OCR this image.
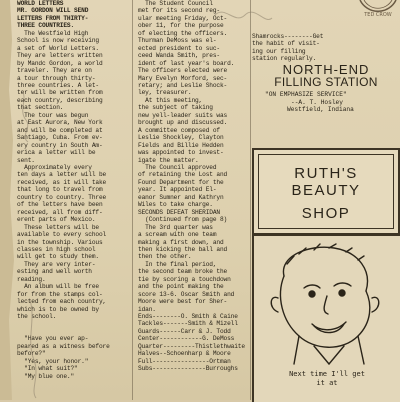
WORLD LETTERS
MR. GORDON WILL SEND
LETTERS FROM THIRTY-
THREE COUNTRIES.
The Westfield High
School is now receiving
a set of World Letters.
They are letters written
by Mandc Gordon, a world
traveler. They are on
a tour through thirty-
three countries. A let-
ter will be written from
each country, describing
that section.
The tour was begun
at East Aurora, New York
and will be completed at
Santiago, Cuba. From ev-
ery country in South Am-
erica a letter will be
sent.
Approximately every
ten days a letter will be
received, as it will take
that long to travel from
country to country. Three
of the letters have been
received, all from diff-
erent parts of Mexico.
These letters will be
available to every school
in the township. Various
classes in high school
will get to study them.
They are very inter-
esting and well worth
reading.
An album will be free
for from the stamps col-
lected from each country,
which is to be owned by
the school.

"Have you ever ap-
peared as a witness before
before?"
"Yes, your honor."
"In what suit?"
"My blue one."

The Student Council
met for its second reg-
ular meeting Friday, Oct-
ober 11, for the purpose
of electing the officers.
Thurman DeMoss was el-
ected president to suc-
ceed Wanda Smith, pres-
ident of last year's board.
The officers elected were
Mary Evelyn Morford, sec-
retary; and Leslie Shock-
ley, treasurer.
At this meeting,
the subject of taking
new yell-leader suits was
brought up and discussed.
A committee composed of
Leslie Shockley, Clayton
Fields and Billie Hedden
was appointed to invest-
igate the matter.
The Council approved
of retaining the Lost and
Found Department for the
year. It appointed El-
eanor Sumner and Kathryn
Wiles to take charge.
SECONDS DEFEAT SHERIDAN
(Continued from page 8)
The 3rd quarter was
a scream with one team
making a first down, and
then kicking the ball and
then the other.
In the final period,
the second team broke the
tie by scoring a touchdown
and the point making the
score 13-6. Oscar Smith and
Moore were best for Sher-
idan.
Ends--------O. Smith & Caine
Tackles-------Smith & Mizell
Guards------Carr & J. Todd
Center------------G. DeMoss
Quarter---------Thistlethwaite
Halves--Schoenharp & Moore
Full----------------Ortman
Subs---------------Burroughs

Shamrocks--------Get
the habit of visit-
ing our filling
station regularly.

NORTH-END
FILLING STATION
"ON EMPHASIZE SERVICE"
--A. T. Hosley
Westfield, Indiana
RUTH'S BEAUTY
SHOP
Next time I'll get
it at
TED CROW
